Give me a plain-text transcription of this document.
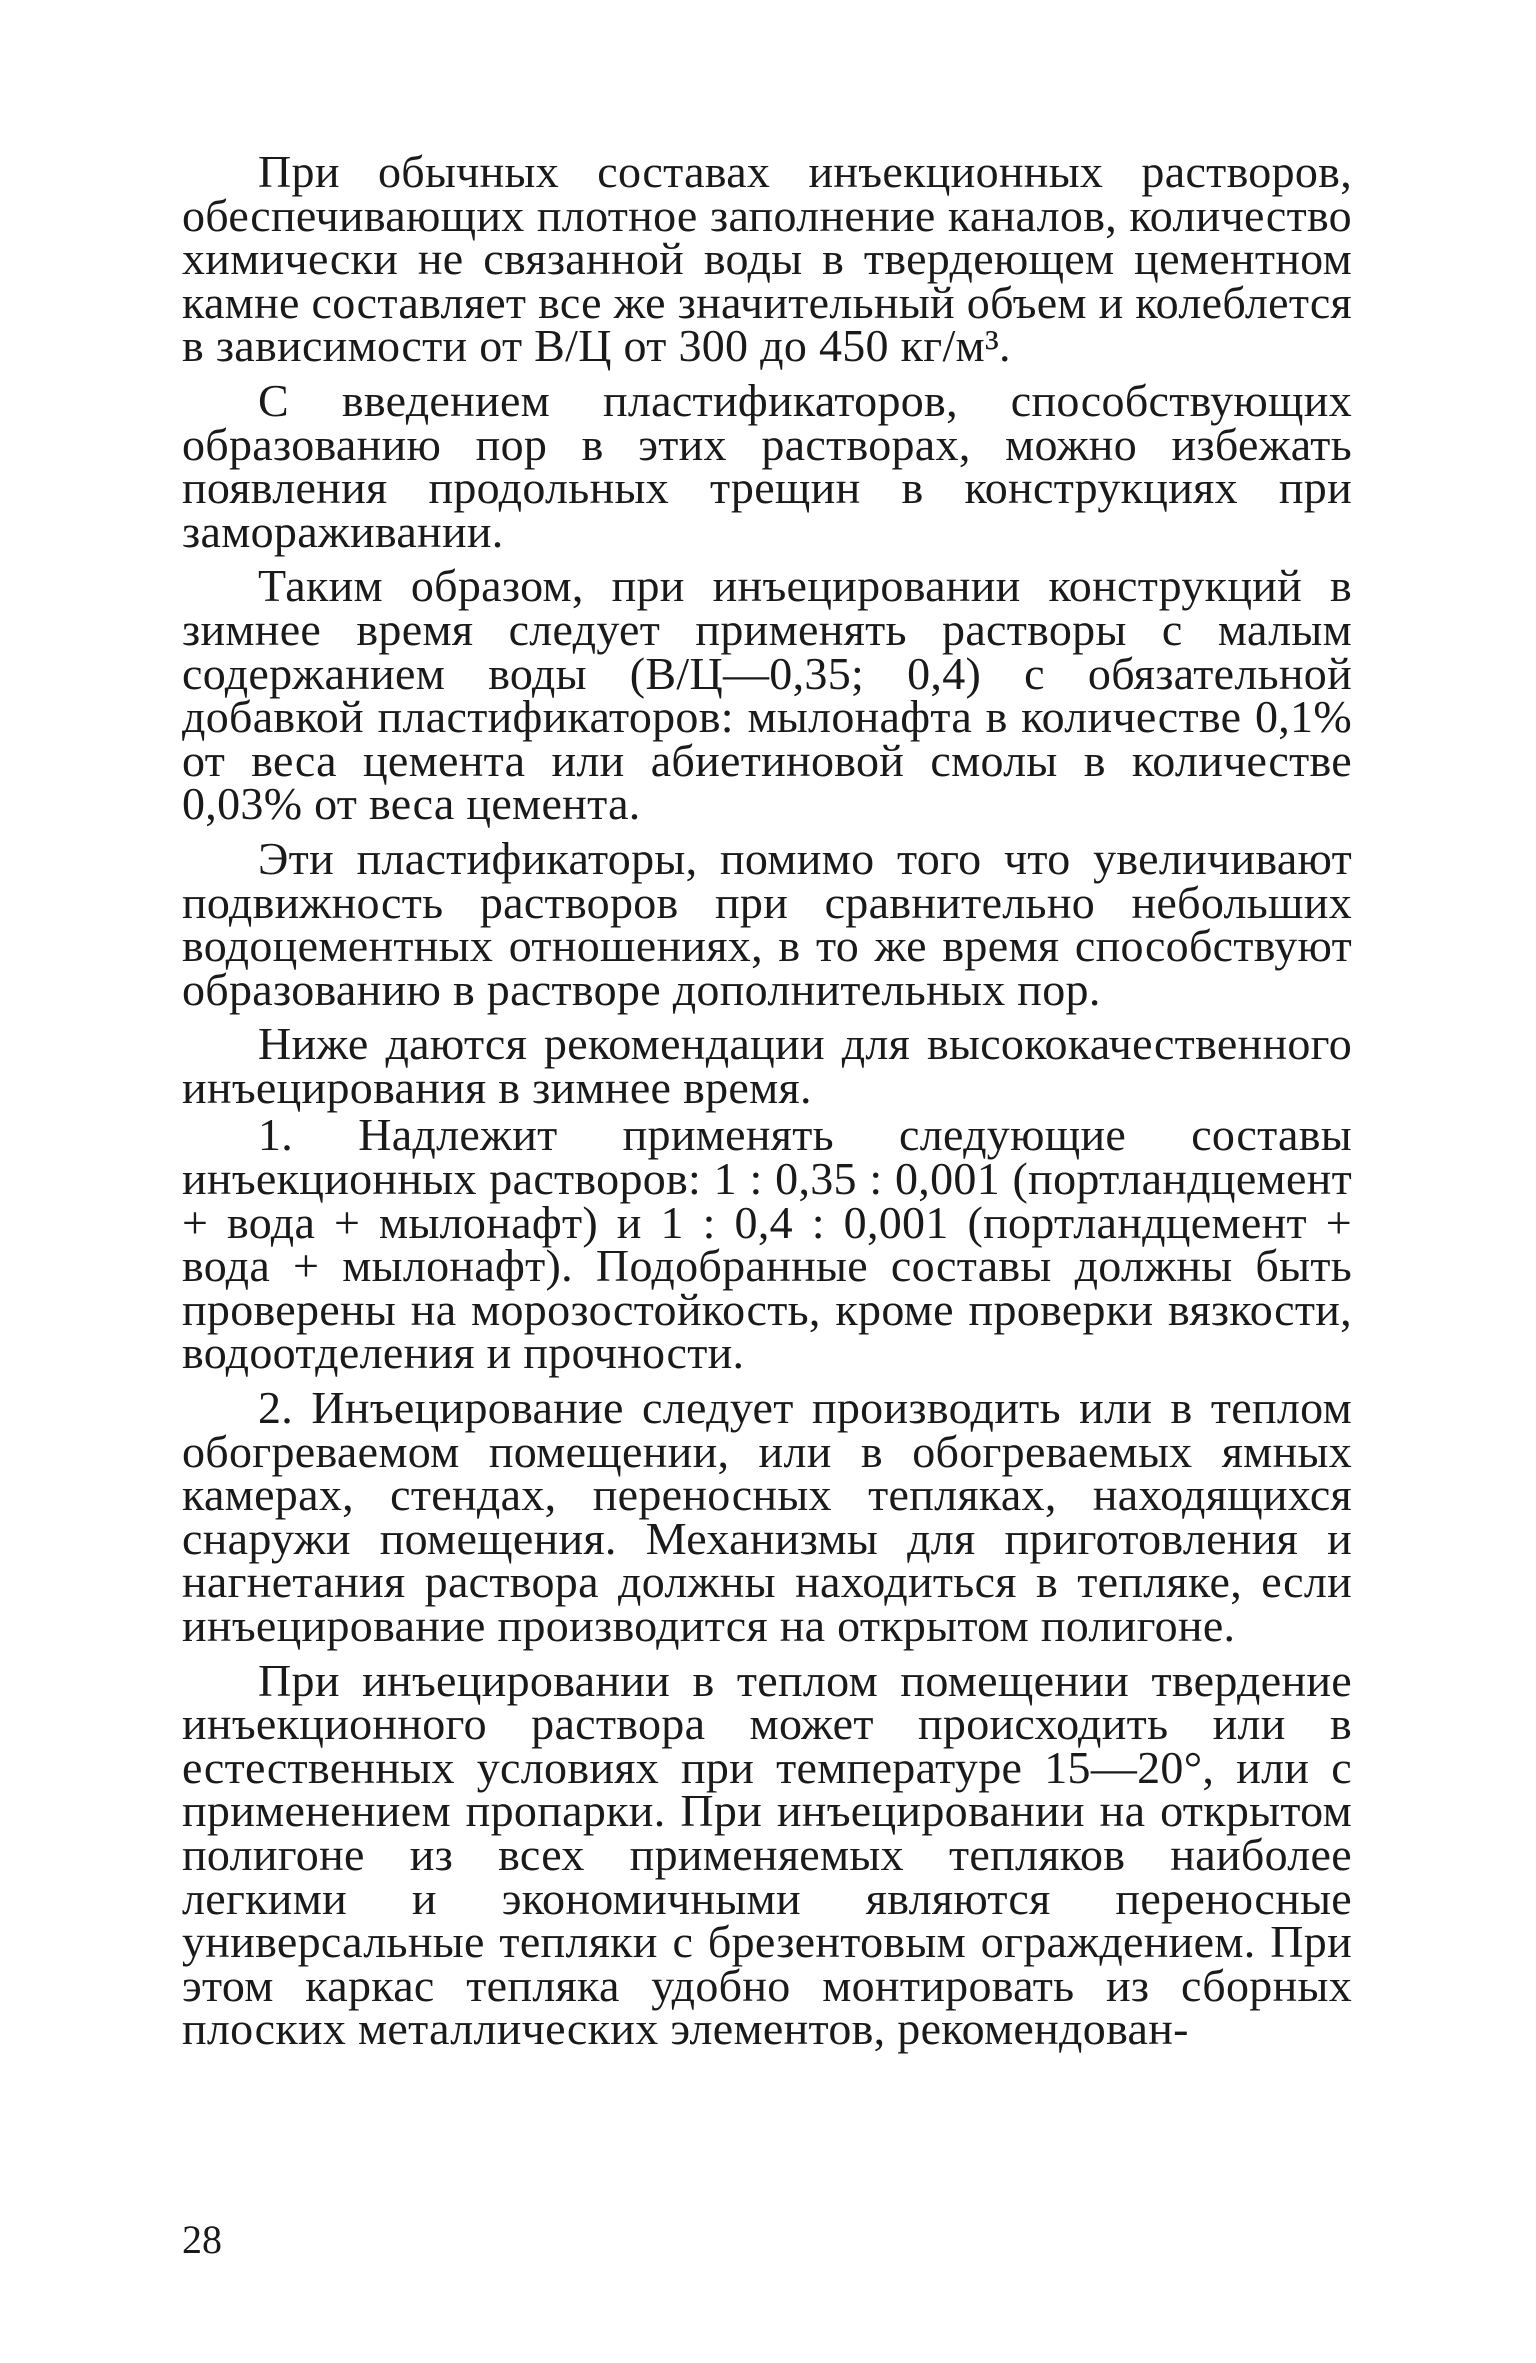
При обычных составах инъекционных растворов, обеспечивающих плотное заполнение каналов, количество химически не связанной воды в твердеющем цементном камне составляет все же значительный объем и колеблется в зависимости от В/Ц от 300 до 450 кг/м³.

С введением пластификаторов, способствующих образованию пор в этих растворах, можно избежать появления продольных трещин в конструкциях при замораживании.

Таким образом, при инъецировании конструкций в зимнее время следует применять растворы с малым содержанием воды (В/Ц—0,35; 0,4) с обязательной добавкой пластификаторов: мылонафта в количестве 0,1% от веса цемента или абиетиновой смолы в количестве 0,03% от веса цемента.

Эти пластификаторы, помимо того что увеличивают подвижность растворов при сравнительно небольших водоцементных отношениях, в то же время способствуют образованию в растворе дополнительных пор.

Ниже даются рекомендации для высококачественного инъецирования в зимнее время.

1. Надлежит применять следующие составы инъекционных растворов: 1 : 0,35 : 0,001 (портландцемент + вода + мылонафт) и 1 : 0,4 : 0,001 (портландцемент + вода + мылонафт). Подобранные составы должны быть проверены на морозостойкость, кроме проверки вязкости, водоотделения и прочности.

2. Инъецирование следует производить или в теплом обогреваемом помещении, или в обогреваемых ямных камерах, стендах, переносных тепляках, находящихся снаружи помещения. Механизмы для приготовления и нагнетания раствора должны находиться в тепляке, если инъецирование производится на открытом полигоне.

При инъецировании в теплом помещении твердение инъекционного раствора может происходить или в естественных условиях при температуре 15—20°, или с применением пропарки. При инъецировании на открытом полигоне из всех применяемых тепляков наиболее легкими и экономичными являются переносные универсальные тепляки с брезентовым ограждением. При этом каркас тепляка удобно монтировать из сборных плоских металлических элементов, рекомендован-

28
